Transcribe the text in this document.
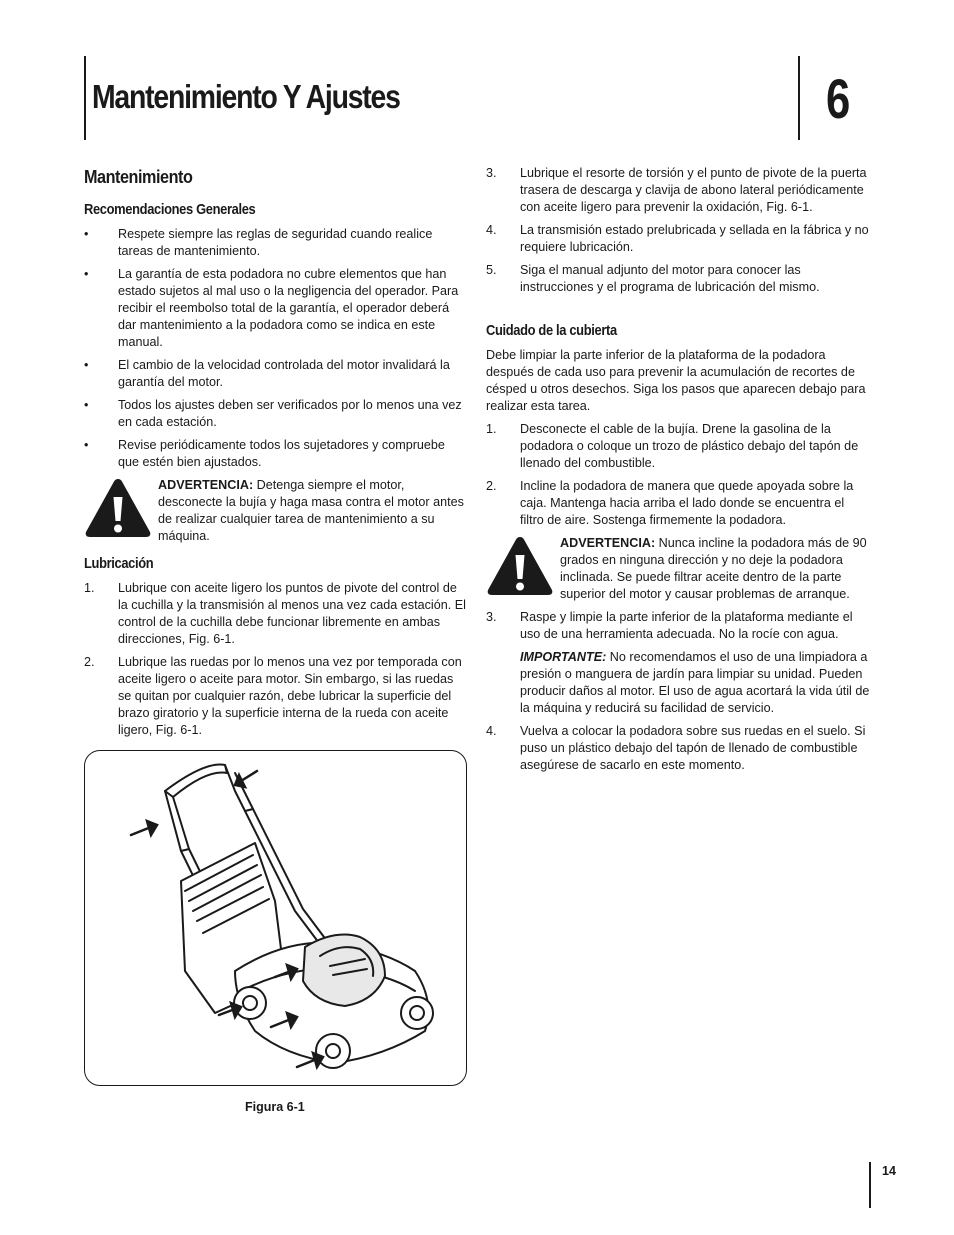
Mantenimiento Y Ajustes	6
Mantenimiento
Recomendaciones Generales
• Respete siempre las reglas de seguridad cuando realice tareas de mantenimiento.
• La garantía de esta podadora no cubre elementos que han estado sujetos al mal uso o la negligencia del operador. Para recibir el reembolso total de la garantía, el operador deberá dar mantenimiento a la podadora como se indica en este manual.
• El cambio de la velocidad controlada del motor invalidará la garantía del motor.
• Todos los ajustes deben ser verificados por lo menos una vez en cada estación.
• Revise periódicamente todos los sujetadores y compruebe que estén bien ajustados.
ADVERTENCIA: Detenga siempre el motor, desconecte la bujía y haga masa contra el motor antes de realizar cualquier tarea de mantenimiento a su máquina.
Lubricación
1. Lubrique con aceite ligero los puntos de pivote del control de la cuchilla y la transmisión al menos una vez cada estación. El control de la cuchilla debe funcionar libremente en ambas direcciones, Fig. 6-1.
2. Lubrique las ruedas por lo menos una vez por temporada con aceite ligero o aceite para motor. Sin embargo, si las ruedas se quitan por cualquier razón, debe lubricar la superficie del brazo giratorio y la superficie interna de la rueda con aceite ligero, Fig. 6-1.
Figura 6-1
3. Lubrique el resorte de torsión y el punto de pivote de la puerta trasera de descarga y clavija de abono lateral periódicamente con aceite ligero para prevenir la oxidación, Fig. 6-1.
4. La transmisión estado prelubricada y sellada en la fábrica y no requiere lubricación.
5. Siga el manual adjunto del motor para conocer las instrucciones y el programa de lubricación del mismo.
Cuidado de la cubierta
Debe limpiar la parte inferior de la plataforma de la podadora después de cada uso para prevenir la acumulación de recortes de césped u otros desechos. Siga los pasos que aparecen debajo para realizar esta tarea.
1. Desconecte el cable de la bujía. Drene la gasolina de la podadora o coloque un trozo de plástico debajo del tapón de llenado del combustible.
2. Incline la podadora de manera que quede apoyada sobre la caja. Mantenga hacia arriba el lado donde se encuentra el filtro de aire. Sostenga firmemente la podadora.
ADVERTENCIA: Nunca incline la podadora más de 90 grados en ninguna dirección y no deje la podadora inclinada. Se puede filtrar aceite dentro de la parte superior del motor y causar problemas de arranque.
3. Raspe y limpie la parte inferior de la plataforma mediante el uso de una herramienta adecuada. No la rocíe con agua.
IMPORTANTE: No recomendamos el uso de una limpiadora a presión o manguera de jardín para limpiar su unidad. Pueden producir daños al motor. El uso de agua acortará la vida útil de la máquina y reducirá su facilidad de servicio.
4. Vuelva a colocar la podadora sobre sus ruedas en el suelo. Si puso un plástico debajo del tapón de llenado de combustible asegúrese de sacarlo en este momento.
14
